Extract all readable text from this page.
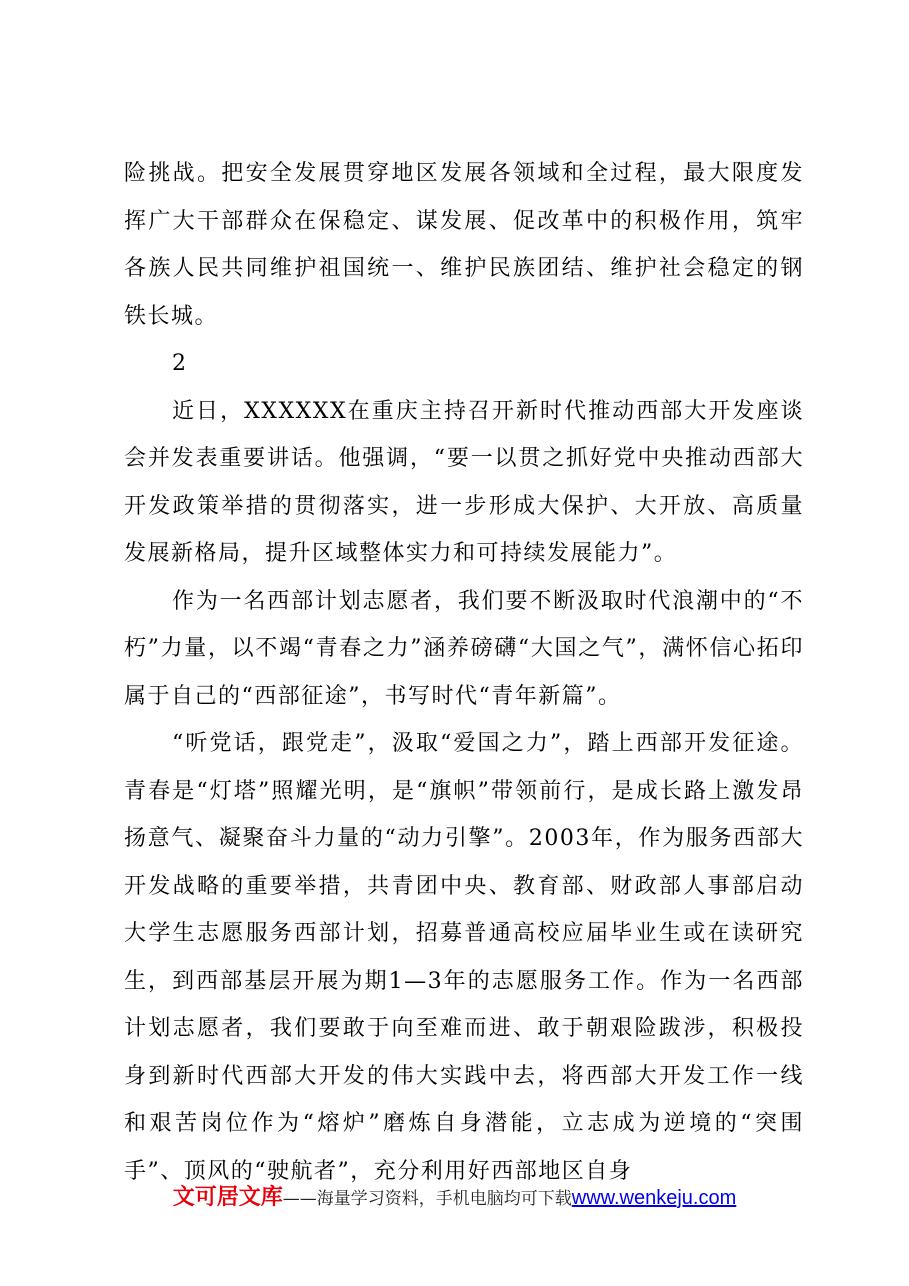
险挑战。把安全发展贯穿地区发展各领域和全过程，最大限度发挥广大干部群众在保稳定、谋发展、促改革中的积极作用，筑牢各族人民共同维护祖国统一、维护民族团结、维护社会稳定的钢铁长城。

2

近日，XXXXXX在重庆主持召开新时代推动西部大开发座谈会并发表重要讲话。他强调，“要一以贯之抓好党中央推动西部大开发政策举措的贯彻落实，进一步形成大保护、大开放、高质量发展新格局，提升区域整体实力和可持续发展能力”。

作为一名西部计划志愿者，我们要不断汲取时代浪潮中的“不朽”力量，以不竭“青春之力”涵养磅礴“大国之气”，满怀信心拓印属于自己的“西部征途”，书写时代“青年新篇”。

“听党话，跟党走”，汲取“爱国之力”，踏上西部开发征途。青春是“灯塔”照耀光明，是“旗帜”带领前行，是成长路上激发昂扬意气、凝聚奋斗力量的“动力引擎”。2003年，作为服务西部大开发战略的重要举措，共青团中央、教育部、财政部人事部启动大学生志愿服务西部计划，招募普通高校应届毕业生或在读研究生，到西部基层开展为期1—3年的志愿服务工作。作为一名西部计划志愿者，我们要敢于向至难而进、敢于朝艰险跋涉，积极投身到新时代西部大开发的伟大实践中去，将西部大开发工作一线和艰苦岗位作为“熔炉”磨炼自身潜能，立志成为逆境的“突围手”、顶风的“驶航者”，充分利用好西部地区自身

文可居文库——海量学习资料，手机电脑均可下载www.wenkeju.com
